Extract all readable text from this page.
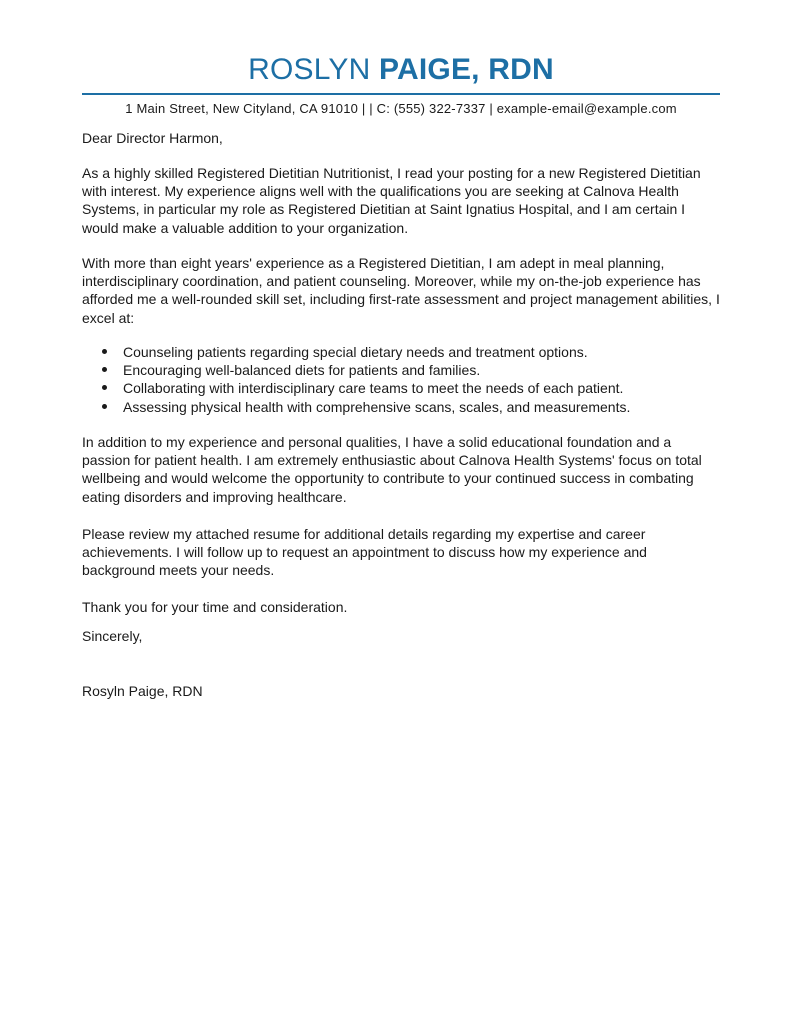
ROSLYN PAIGE, RDN
1 Main Street, New Cityland, CA 91010 | | C: (555) 322-7337 | example-email@example.com
Dear Director Harmon,
As a highly skilled Registered Dietitian Nutritionist, I read your posting for a new Registered Dietitian with interest. My experience aligns well with the qualifications you are seeking at Calnova Health Systems, in particular my role as Registered Dietitian at Saint Ignatius Hospital, and I am certain I would make a valuable addition to your organization.
With more than eight years' experience as a Registered Dietitian, I am adept in meal planning, interdisciplinary coordination, and patient counseling. Moreover, while my on-the-job experience has afforded me a well-rounded skill set, including first-rate assessment and project management abilities, I excel at:
Counseling patients regarding special dietary needs and treatment options.
Encouraging well-balanced diets for patients and families.
Collaborating with interdisciplinary care teams to meet the needs of each patient.
Assessing physical health with comprehensive scans, scales, and measurements.
In addition to my experience and personal qualities, I have a solid educational foundation and a passion for patient health. I am extremely enthusiastic about Calnova Health Systems' focus on total wellbeing and would welcome the opportunity to contribute to your continued success in combating eating disorders and improving healthcare.
Please review my attached resume for additional details regarding my expertise and career achievements. I will follow up to request an appointment to discuss how my experience and background meets your needs.
Thank you for your time and consideration.
Sincerely,
Rosyln Paige, RDN
